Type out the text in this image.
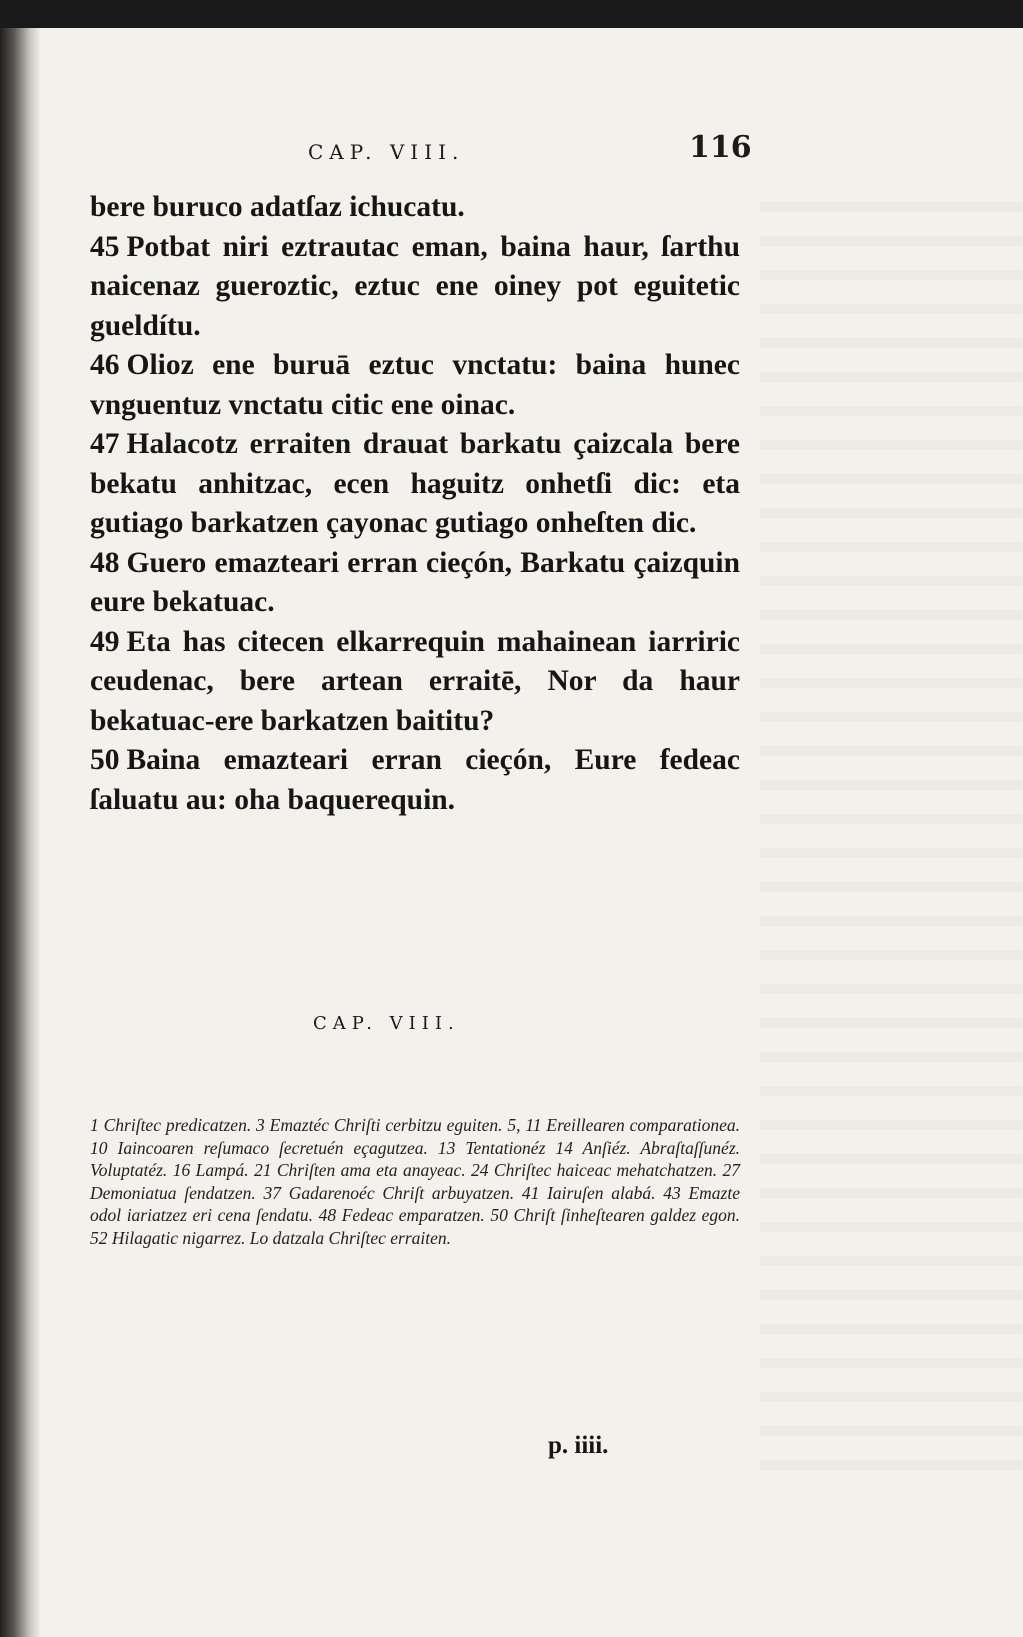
CAP. VIII.	116

bere buruco adatſaz ichucatu.

45 Potbat niri eztrautac eman, baina haur, ſarthu naicenaz gueroztic, eztuc ene oiney pot eguitetic gueldítu.

46 Olioz ene buruā eztuc vnctatu: baina hunec vnguentuz vnctatu citic ene oinac.

47 Halacotz erraiten drauat barkatu çaizcala bere bekatu anhitzac, ecen haguitz onhetſi dic: eta gutiago barkatzen çayonac gutiago onheſten dic.

48 Guero emazteari erran cieçón, Barkatu çaizquin eure bekatuac.

49 Eta has citecen elkarrequin mahainean iarriric ceudenac, bere artean erraitē, Nor da haur bekatuac-ere barkatzen baititu?

50 Baina emazteari erran cieçón, Eure fedeac ſaluatu au: oha baquerequin.

CAP. VIII.
1 Chriſtec predicatzen. 3 Emaztéc Chriſti cerbitzu eguiten. 5, 11 Ereillearen comparationea. 10 Iaincoaren reſumaco ſecretuén eçagutzea. 13 Tentationéz 14 Anſiéz. Abraſtaſſunéz. Voluptatéz. 16 Lampá. 21 Chriſten ama eta anayeac. 24 Chriſtec haiceac mehatchatzen. 27 Demoniatua ſendatzen. 37 Gadarenoéc Chriſt arbuyatzen. 41 Iairuſen alabá. 43 Emazte odol iariatzez eri cena ſendatu. 48 Fedeac emparatzen. 50 Chriſt ſinheſtearen galdez egon. 52 Hilagatic nigarrez. Lo datzala Chriſtec erraiten.
p. iiii.
